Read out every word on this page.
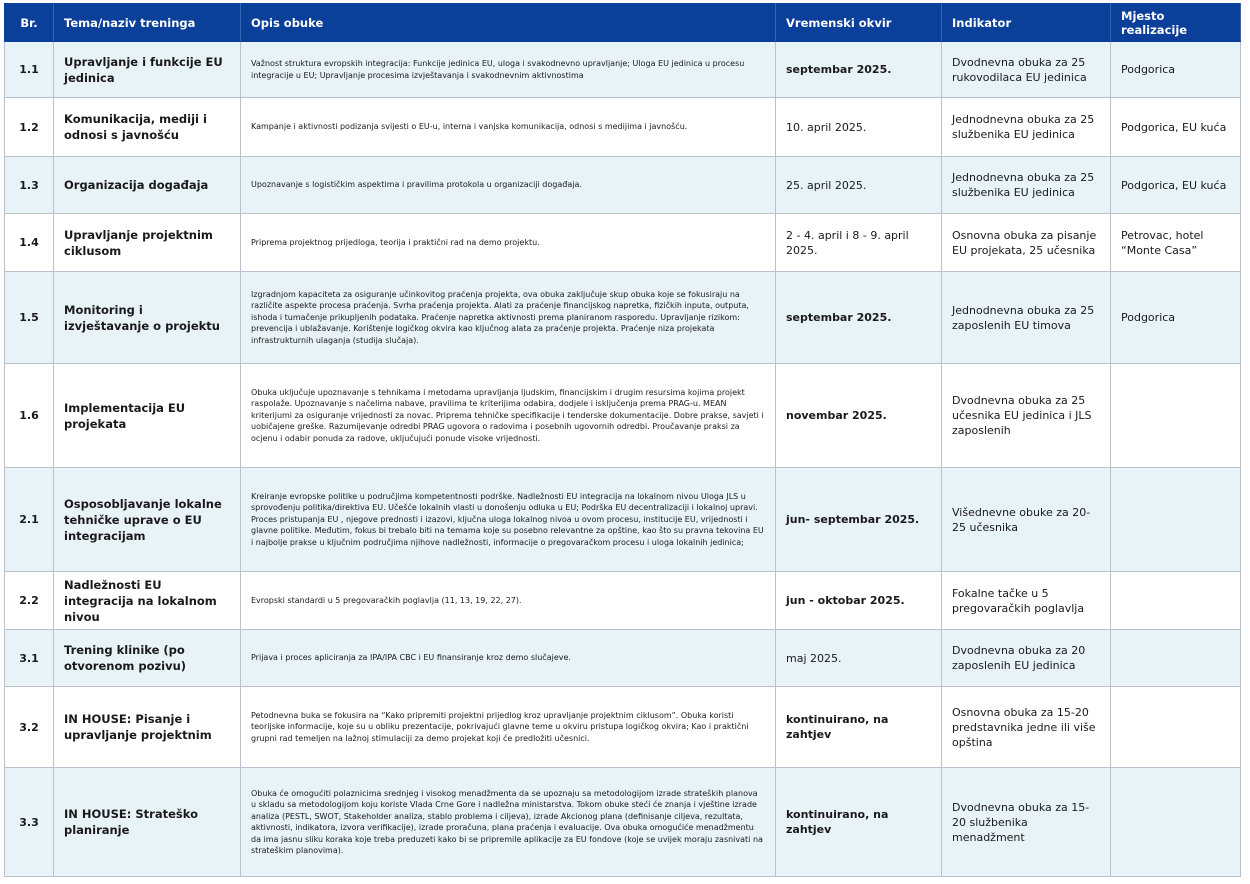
Br.	Tema/naziv treninga	Opis obuke	Vremenski okvir	Indikator	Mjesto realizacije
1.1	Upravljanje i funkcije EU jedinica	Važnost struktura evropskih integracija: Funkcije jedinica EU, uloga i svakodnevno upravljanje; Uloga EU jedinica u procesu integracije u EU; Upravljanje procesima izvještavanja i svakodnevnim aktivnostima	septembar 2025.	Dvodnevna obuka za 25 rukovodilaca EU jedinica	Podgorica
1.2	Komunikacija, mediji i odnosi s javnošću	Kampanje i aktivnosti podizanja svijesti o EU-u, interna i vanjska komunikacija, odnosi s medijima i javnošću.	10. april 2025.	Jednodnevna obuka za 25 službenika EU jedinica	Podgorica, EU kuća
1.3	Organizacija događaja	Upoznavanje s logističkim aspektima i pravilima protokola u organizaciji događaja.	25. april 2025.	Jednodnevna obuka za 25 službenika EU jedinica	Podgorica, EU kuća
1.4	Upravljanje projektnim ciklusom	Priprema projektnog prijedloga, teorija i praktični rad na demo projektu.	2 - 4. april i 8 - 9. april 2025.	Osnovna obuka za pisanje EU projekata, 25 učesnika	Petrovac, hotel “Monte Casa”
1.5	Monitoring i izvještavanje o projektu	Izgradnjom kapaciteta za osiguranje učinkovitog praćenja projekta, ova obuka zaključuje skup obuka koje se fokusiraju na različite aspekte procesa praćenja. Svrha praćenja projekta. Alati za praćenje financijskog napretka, fizičkih inputa, outputa, ishoda i tumačenje prikupljenih podataka. Praćenje napretka aktivnosti prema planiranom rasporedu. Upravljanje rizikom: prevencija i ublažavanje. Korištenje logičkog okvira kao ključnog alata za praćenje projekta. Praćenje niza projekata infrastrukturnih ulaganja (studija slučaja).	septembar 2025.	Jednodnevna obuka za 25 zaposlenih EU timova	Podgorica
1.6	Implementacija EU projekata	Obuka uključuje upoznavanje s tehnikama i metodama upravljanja ljudskim, financijskim i drugim resursima kojima projekt raspolaže. Upoznavanje s načelima nabave, pravilima te kriterijima odabira, dodjele i isključenja prema PRAG-u. MEAN kriterijumi za osiguranje vrijednosti za novac. Priprema tehničke specifikacije i tenderske dokumentacije. Dobre prakse, savjeti i uobičajene greške. Razumijevanje odredbi PRAG ugovora o radovima i posebnih ugovornih odredbi. Proučavanje praksi za ocjenu i odabir ponuda za radove, uključujući ponude visoke vrijednosti.	novembar 2025.	Dvodnevna obuka za 25 učesnika EU jedinica i JLS zaposlenih	
2.1	Osposobljavanje lokalne tehničke uprave o EU integracijam	Kreiranje evropske politike u područjima kompetentnosti podrške. Nadležnosti EU integracija na lokalnom nivou Uloga JLS u sprovođenju politika/direktiva EU. Učešće lokalnih vlasti u donošenju odluka u EU; Podrška EU decentralizaciji i lokalnoj upravi. Proces pristupanja EU , njegove prednosti i izazovi, ključna uloga lokalnog nivoa u ovom procesu, institucije EU, vrijednosti i glavne politike. Međutim, fokus bi trebalo biti na temama koje su posebno relevantne za opštine, kao što su pravna tekovina EU i najbolje prakse u ključnim područjima njihove nadležnosti, informacije o pregovaračkom procesu i uloga lokalnih jedinica;	jun- septembar 2025.	Višednevne obuke za 20-25 učesnika	
2.2	Nadležnosti EU integracija na lokalnom nivou	Evropski standardi u 5 pregovaračkih poglavlja (11, 13, 19, 22, 27).	jun - oktobar 2025.	Fokalne tačke u 5 pregovaračkih poglavlja	
3.1	Trening klinike (po otvorenom pozivu)	Prijava i proces apliciranja za IPA/IPA CBC i EU finansiranje kroz demo slučajeve.	maj 2025.	Dvodnevna obuka za 20 zaposlenih EU jedinica	
3.2	IN HOUSE: Pisanje i upravljanje projektnim	Petodnevna buka se fokusira na “Kako pripremiti projektni prijedlog kroz upravljanje projektnim ciklusom”. Obuka koristi teorijske informacije, koje su u obliku prezentacije, pokrivajući glavne teme u okviru pristupa logičkog okvira; Kao i praktični grupni rad temeljen na lažnoj stimulaciji za demo projekat koji će predložiti učesnici.	kontinuirano, na zahtjev	Osnovna obuka za 15-20 predstavnika jedne ili više opština	
3.3	IN HOUSE: Strateško planiranje	Obuka će omogućiti polaznicima srednjeg i visokog menadžmenta da se upoznaju sa metodologijom izrade strateških planova u skladu sa metodologijom koju koriste Vlada Crne Gore i nadležna ministarstva. Tokom obuke steći će znanja i vještine izrade analiza (PESTL, SWOT, Stakeholder analiza, stablo problema i ciljeva), izrade Akcionog plana (definisanje ciljeva, rezultata, aktivnosti, indikatora, izvora verifikacije), izrade proračuna, plana praćenja i evaluacije. Ova obuka omogućiće menadžmentu da ima jasnu sliku koraka koje treba preduzeti kako bi se pripremile aplikacije za EU fondove (koje se uvijek moraju zasnivati na strateškim planovima).	kontinuirano, na zahtjev	Dvodnevna obuka za 15-20 službenika menadžment	
